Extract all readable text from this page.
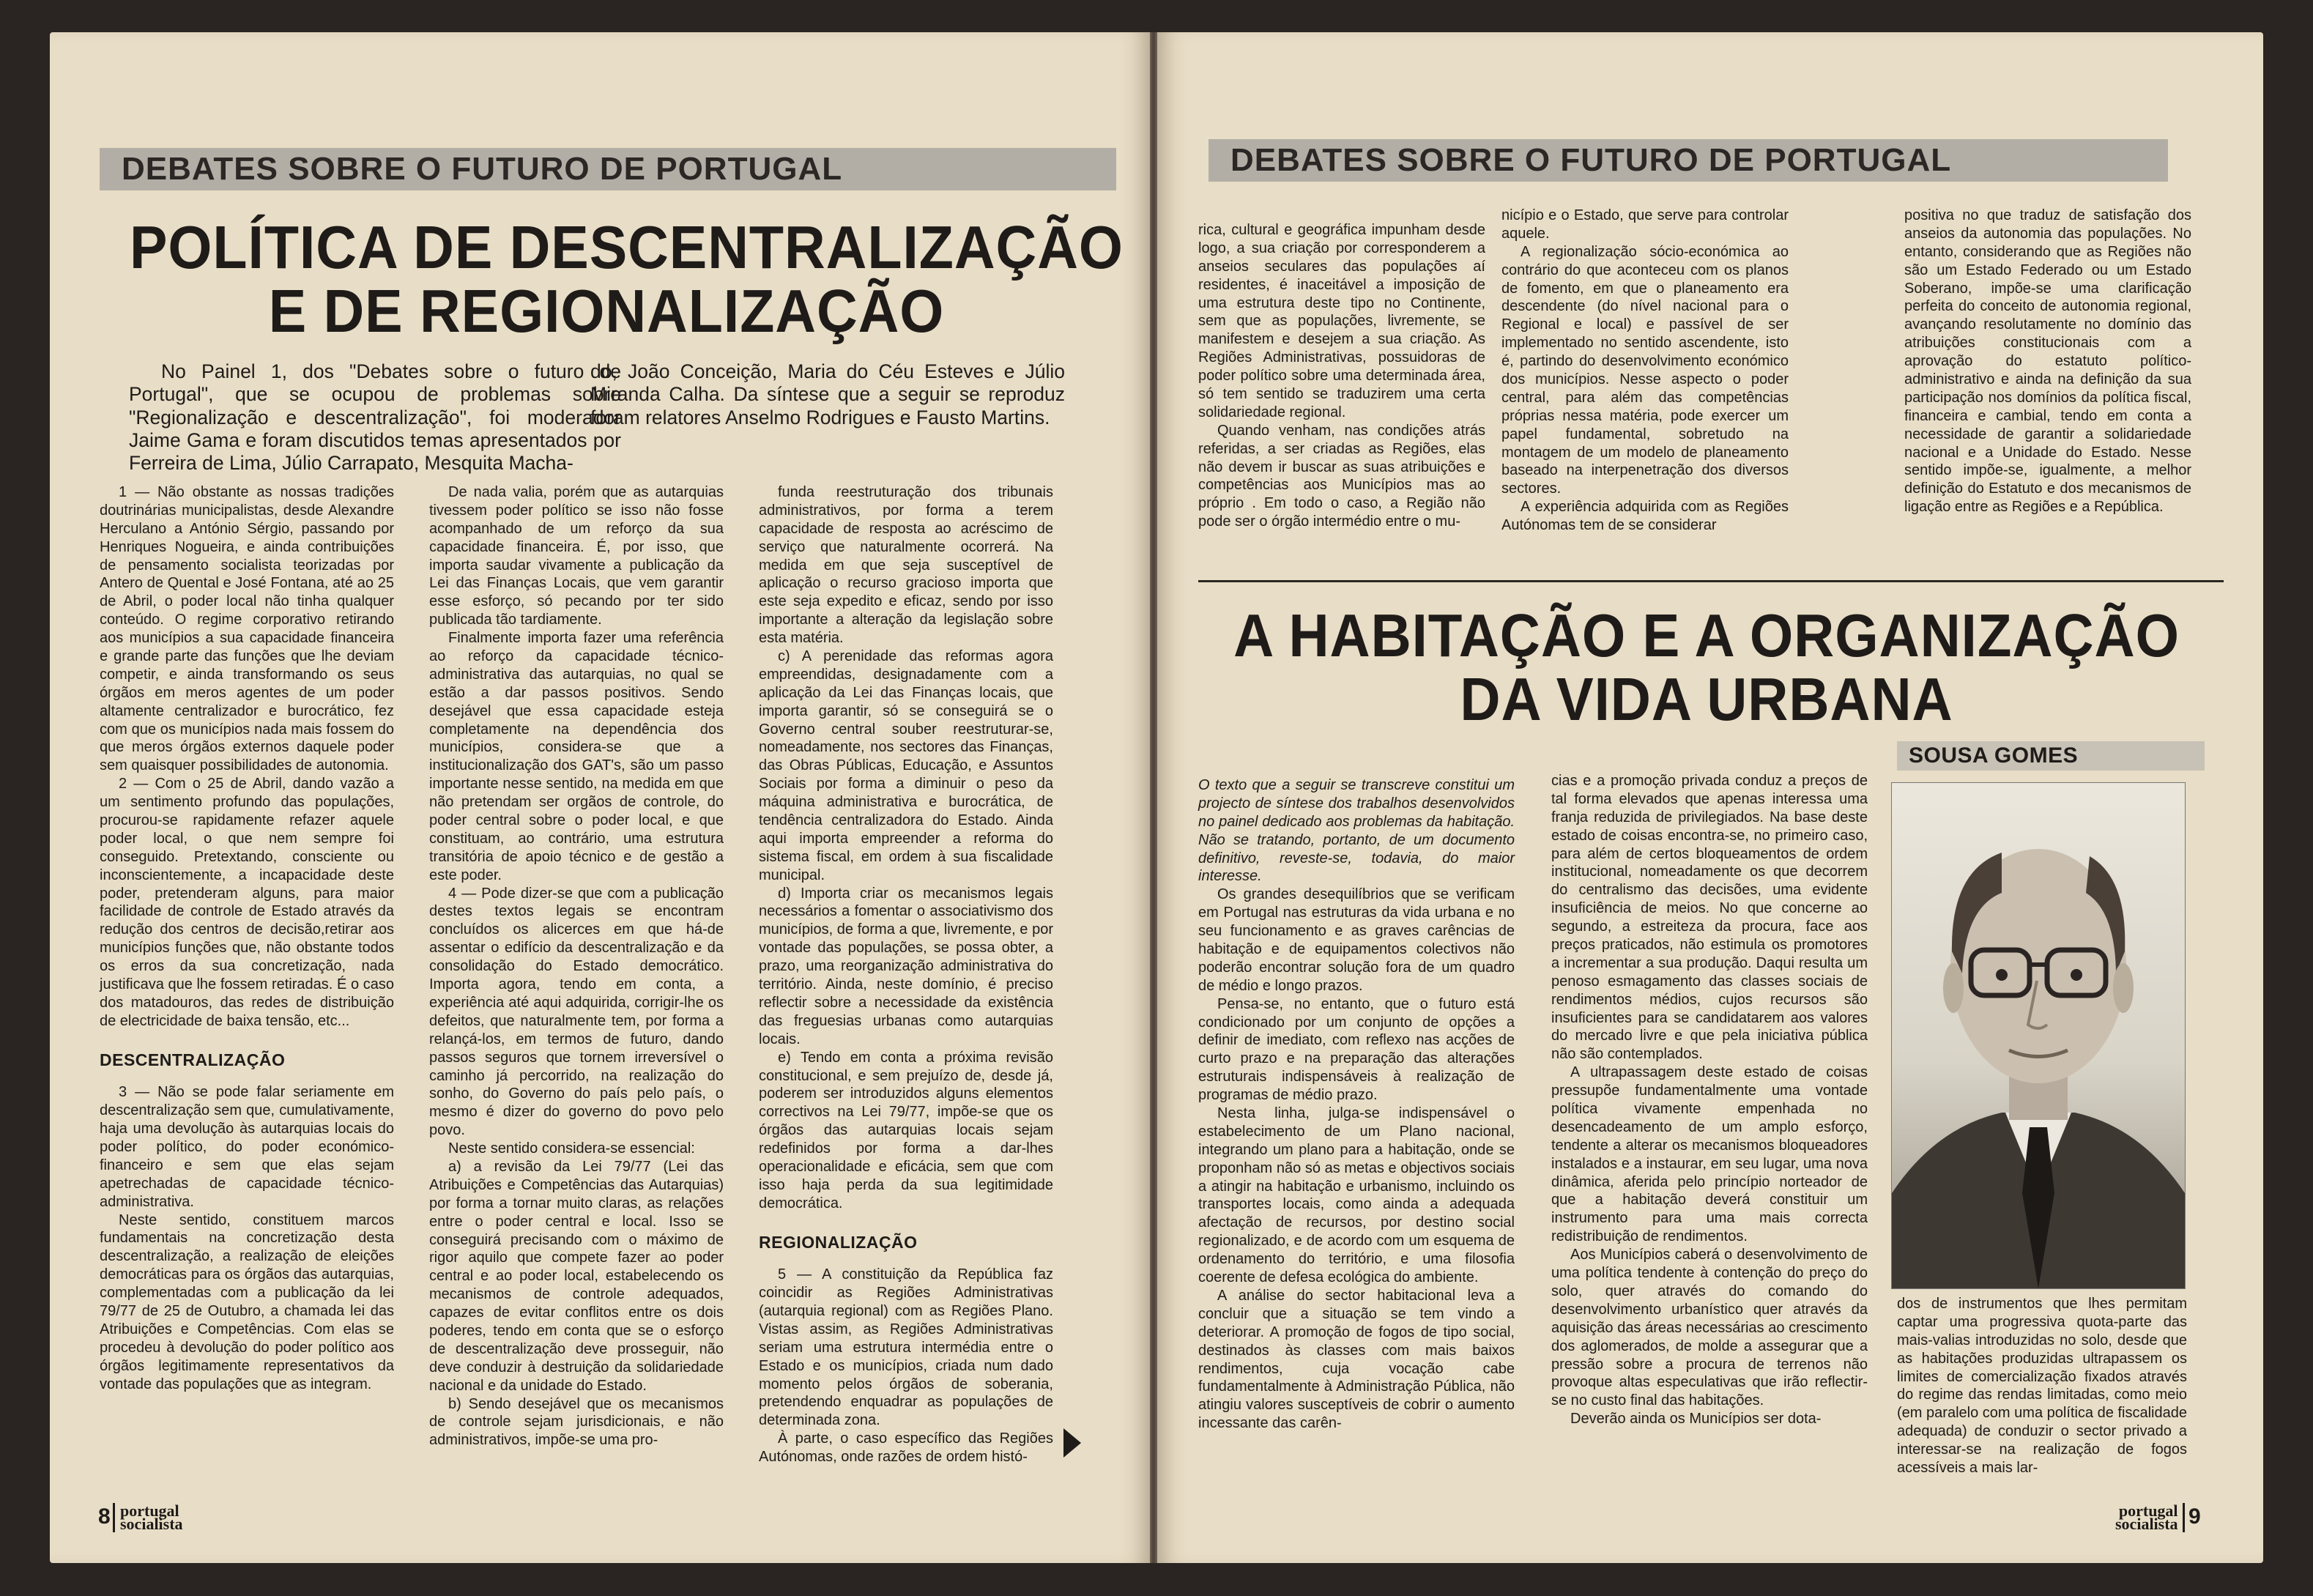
DEBATES SOBRE O FUTURO DE PORTUGAL
POLÍTICA DE DESCENTRALIZAÇÃO
E DE REGIONALIZAÇÃO

No Painel 1, dos "Debates sobre o futuro de Portugal", que se ocupou de problemas sobre "Regionalização e descentralização", foi moderador Jaime Gama e foram discutidos temas apresentados por Ferreira de Lima, Júlio Carrapato, Mesquita Macha-

do, João Conceição, Maria do Céu Esteves e Júlio Miranda Calha. Da síntese que a seguir se reproduz foram relatores Anselmo Rodrigues e Fausto Martins.

1 — Não obstante as nossas tradições doutrinárias municipalistas, desde Alexandre Herculano a António Sérgio, passando por Henriques Nogueira, e ainda contribuições de pensamento socialista teorizadas por Antero de Quental e José Fontana, até ao 25 de Abril, o poder local não tinha qualquer conteúdo. O regime corporativo retirando aos municípios a sua capacidade financeira e grande parte das funções que lhe deviam competir, e ainda transformando os seus órgãos em meros agentes de um poder altamente centralizador e burocrático, fez com que os municípios nada mais fossem do que meros órgãos externos daquele poder sem quaisquer possibilidades de autonomia.

2 — Com o 25 de Abril, dando vazão a um sentimento profundo das populações, procurou-se rapidamente refazer aquele poder local, o que nem sempre foi conseguido. Pretextando, consciente ou inconscientemente, a incapacidade deste poder, pretenderam alguns, para maior facilidade de controle de Estado através da redução dos centros de decisão,retirar aos municípios funções que, não obstante todos os erros da sua concretização, nada justificava que lhe fossem retiradas. É o caso dos matadouros, das redes de distribuição de electricidade de baixa tensão, etc...

DESCENTRALIZAÇÃO

3 — Não se pode falar seriamente em descentralização sem que, cumulativamente, haja uma devolução às autarquias locais do poder político, do poder económico-financeiro e sem que elas sejam apetrechadas de capacidade técnico-administrativa.

Neste sentido, constituem marcos fundamentais na concretização desta descentralização, a realização de eleições democráticas para os órgãos das autarquias, complementadas com a publicação da lei 79/77 de 25 de Outubro, a chamada lei das Atribuições e Competências. Com elas se procedeu à devolução do poder político aos órgãos legitimamente representativos da vontade das populações que as integram.

De nada valia, porém que as autarquias tivessem poder político se isso não fosse acompanhado de um reforço da sua capacidade financeira. É, por isso, que importa saudar vivamente a publicação da Lei das Finanças Locais, que vem garantir esse esforço, só pecando por ter sido publicada tão tardiamente.

Finalmente importa fazer uma referência ao reforço da capacidade técnico-administrativa das autarquias, no qual se estão a dar passos positivos. Sendo desejável que essa capacidade esteja completamente na dependência dos municípios, considera-se que a institucionalização dos GAT's, são um passo importante nesse sentido, na medida em que não pretendam ser orgãos de controle, do poder central sobre o poder local, e que constituam, ao contrário, uma estrutura transitória de apoio técnico e de gestão a este poder.

4 — Pode dizer-se que com a publicação destes textos legais se encontram concluídos os alicerces em que há-de assentar o edifício da descentralização e da consolidação do Estado democrático. Importa agora, tendo em conta, a experiência até aqui adquirida, corrigir-lhe os defeitos, que naturalmente tem, por forma a relançá-los, em termos de futuro, dando passos seguros que tornem irreversível o caminho já percorrido, na realização do sonho, do Governo do país pelo país, o mesmo é dizer do governo do povo pelo povo.

Neste sentido considera-se essencial:

a) a revisão da Lei 79/77 (Lei das Atribuições e Competências das Autarquias) por forma a tornar muito claras, as relações entre o poder central e local. Isso se conseguirá precisando com o máximo de rigor aquilo que compete fazer ao poder central e ao poder local, estabelecendo os mecanismos de controle adequados, capazes de evitar conflitos entre os dois poderes, tendo em conta que se o esforço de descentralização deve prosseguir, não deve conduzir à destruição da solidariedade nacional e da unidade do Estado.

b) Sendo desejável que os mecanismos de controle sejam jurisdicionais, e não administrativos, impõe-se uma pro-

funda reestruturação dos tribunais administrativos, por forma a terem capacidade de resposta ao acréscimo de serviço que naturalmente ocorrerá. Na medida em que seja susceptível de aplicação o recurso gracioso importa que este seja expedito e eficaz, sendo por isso importante a alteração da legislação sobre esta matéria.

c) A perenidade das reformas agora empreendidas, designadamente com a aplicação da Lei das Finanças locais, que importa garantir, só se conseguirá se o Governo central souber reestruturar-se, nomeadamente, nos sectores das Finanças, das Obras Públicas, Educação, e Assuntos Sociais por forma a diminuir o peso da máquina administrativa e burocrática, de tendência centralizadora do Estado. Ainda aqui importa empreender a reforma do sistema fiscal, em ordem à sua fiscalidade municipal.

d) Importa criar os mecanismos legais necessários a fomentar o associativismo dos municípios, de forma a que, livremente, e por vontade das populações, se possa obter, a prazo, uma reorganização administrativa do território. Ainda, neste domínio, é preciso reflectir sobre a necessidade da existência das freguesias urbanas como autarquias locais.

e) Tendo em conta a próxima revisão constitucional, e sem prejuízo de, desde já, poderem ser introduzidos alguns elementos correctivos na Lei 79/77, impõe-se que os órgãos das autarquias locais sejam redefinidos por forma a dar-lhes operacionalidade e eficácia, sem que com isso haja perda da sua legitimidade democrática.

REGIONALIZAÇÃO

5 — A constituição da República faz coincidir as Regiões Administrativas (autarquia regional) com as Regiões Plano. Vistas assim, as Regiões Administrativas seriam uma estrutura intermédia entre o Estado e os municípios, criada num dado momento pelos órgãos de soberania, pretendendo enquadrar as populações de determinada zona.

À parte, o caso específico das Regiões Autónomas, onde razões de ordem histó-

8 portugal
socialista
DEBATES SOBRE O FUTURO DE PORTUGAL

rica, cultural e geográfica impunham desde logo, a sua criação por corresponderem a anseios seculares das populações aí residentes, é inaceitável a imposição de uma estrutura deste tipo no Continente, sem que as populações, livremente, se manifestem e desejem a sua criação. As Regiões Administrativas, possuidoras de poder político sobre uma determinada área, só tem sentido se traduzirem uma certa solidariedade regional.

Quando venham, nas condições atrás referidas, a ser criadas as Regiões, elas não devem ir buscar as suas atribuições e competências aos Municípios mas ao próprio . Em todo o caso, a Região não pode ser o órgão intermédio entre o mu-

nicípio e o Estado, que serve para controlar aquele.

A regionalização sócio-económica ao contrário do que aconteceu com os planos de fomento, em que o planeamento era descendente (do nível nacional para o Regional e local) e passível de ser implementado no sentido ascendente, isto é, partindo do desenvolvimento económico dos municípios. Nesse aspecto o poder central, para além das competências próprias nessa matéria, pode exercer um papel fundamental, sobretudo na montagem de um modelo de planeamento baseado na interpenetração dos diversos sectores.

A experiência adquirida com as Regiões Autónomas tem de se considerar

positiva no que traduz de satisfação dos anseios da autonomia das populações. No entanto, considerando que as Regiões não são um Estado Federado ou um Estado Soberano, impõe-se uma clarificação perfeita do conceito de autonomia regional, avançando resolutamente no domínio das atribuições constitucionais com a aprovação do estatuto político-administrativo e ainda na definição da sua participação nos domínios da política fiscal, financeira e cambial, tendo em conta a necessidade de garantir a solidariedade nacional e a Unidade do Estado. Nesse sentido impõe-se, igualmente, a melhor definição do Estatuto e dos mecanismos de ligação entre as Regiões e a República.

A HABITAÇÃO E A ORGANIZAÇÃO
DA VIDA URBANA
SOUSA GOMES

O texto que a seguir se transcreve constitui um projecto de síntese dos trabalhos desenvolvidos no painel dedicado aos problemas da habitação. Não se tratando, portanto, de um documento definitivo, reveste-se, todavia, do maior interesse.

Os grandes desequilíbrios que se verificam em Portugal nas estruturas da vida urbana e no seu funcionamento e as graves carências de habitação e de equipamentos colectivos não poderão encontrar solução fora de um quadro de médio e longo prazos.

Pensa-se, no entanto, que o futuro está condicionado por um conjunto de opções a definir de imediato, com reflexo nas acções de curto prazo e na preparação das alterações estruturais indispensáveis à realização de programas de médio prazo.

Nesta linha, julga-se indispensável o estabelecimento de um Plano nacional, integrando um plano para a habitação, onde se proponham não só as metas e objectivos sociais a atingir na habitação e urbanismo, incluindo os transportes locais, como ainda a adequada afectação de recursos, por destino social regionalizado, e de acordo com um esquema de ordenamento do território, e uma filosofia coerente de defesa ecológica do ambiente.

A análise do sector habitacional leva a concluir que a situação se tem vindo a deteriorar. A promoção de fogos de tipo social, destinados às classes com mais baixos rendimentos, cuja vocação cabe fundamentalmente à Administração Pública, não atingiu valores susceptíveis de cobrir o aumento incessante das carên-

cias e a promoção privada conduz a preços de tal forma elevados que apenas interessa uma franja reduzida de privilegiados. Na base deste estado de coisas encontra-se, no primeiro caso, para além de certos bloqueamentos de ordem institucional, nomeadamente os que decorrem do centralismo das decisões, uma evidente insuficiência de meios. No que concerne ao segundo, a estreiteza da procura, face aos preços praticados, não estimula os promotores a incrementar a sua produção. Daqui resulta um penoso esmagamento das classes sociais de rendimentos médios, cujos recursos são insuficientes para se candidatarem aos valores do mercado livre e que pela iniciativa pública não são contemplados.

A ultrapassagem deste estado de coisas pressupõe fundamentalmente uma vontade política vivamente empenhada no desencadeamento de um amplo esforço, tendente a alterar os mecanismos bloqueadores instalados e a instaurar, em seu lugar, uma nova dinâmica, aferida pelo princípio norteador de que a habitação deverá constituir um instrumento para uma mais correcta redistribuição de rendimentos.

Aos Municípios caberá o desenvolvimento de uma política tendente à contenção do preço do solo, quer através do comando do desenvolvimento urbanístico quer através da aquisição das áreas necessárias ao crescimento dos aglomerados, de molde a assegurar que a pressão sobre a procura de terrenos não provoque altas especulativas que irão reflectir-se no custo final das habitações.

Deverão ainda os Municípios ser dota-

dos de instrumentos que lhes permitam captar uma progressiva quota-parte das mais-valias introduzidas no solo, desde que as habitações produzidas ultrapassem os limites de comercialização fixados através do regime das rendas limitadas, como meio (em paralelo com uma política de fiscalidade adequada) de conduzir o sector privado a interessar-se na realização de fogos acessíveis a mais lar-

portugal
socialista 9
